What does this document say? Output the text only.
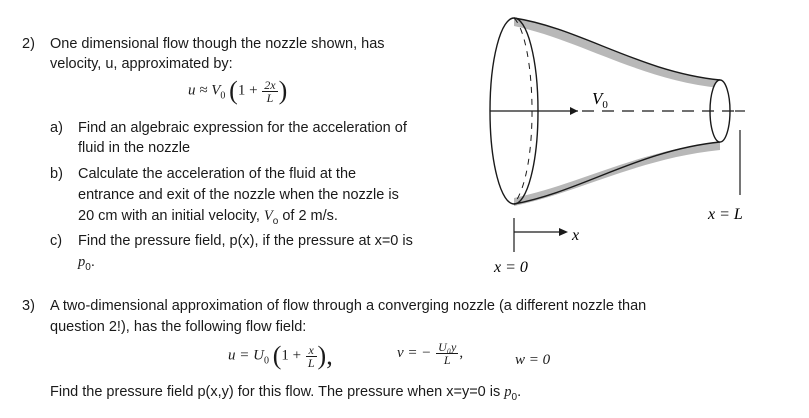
2) One dimensional flow though the nozzle shown, has
velocity, u, approximated by:
$u \approx V_0$ ($1 + \frac{2x}{L}$ )
a) Find an algebraic expression for the acceleration of
fluid in the nozzle
b) Calculate the acceleration of the fluid at the
entrance and exit of the nozzle when the nozzle is
20 cm with an initial velocity, $V_o$ of 2 m/s.
c) Find the pressure field, p(x), if the pressure at x=0 is
$p_0$.
$V_0$
x
x = 0
x = L
3) A two-dimensional approximation of flow through a converging nozzle (a different nozzle than
question 2!), has the following flow field:
$u = U_0$ ($1 + \frac{x}{L}$ ),	v = − $\frac{\text{U₀y}}{L}$ ,	w = 0
Find the pressure field p(x,y) for this flow. The pressure when x=y=0 is $p_0$.
